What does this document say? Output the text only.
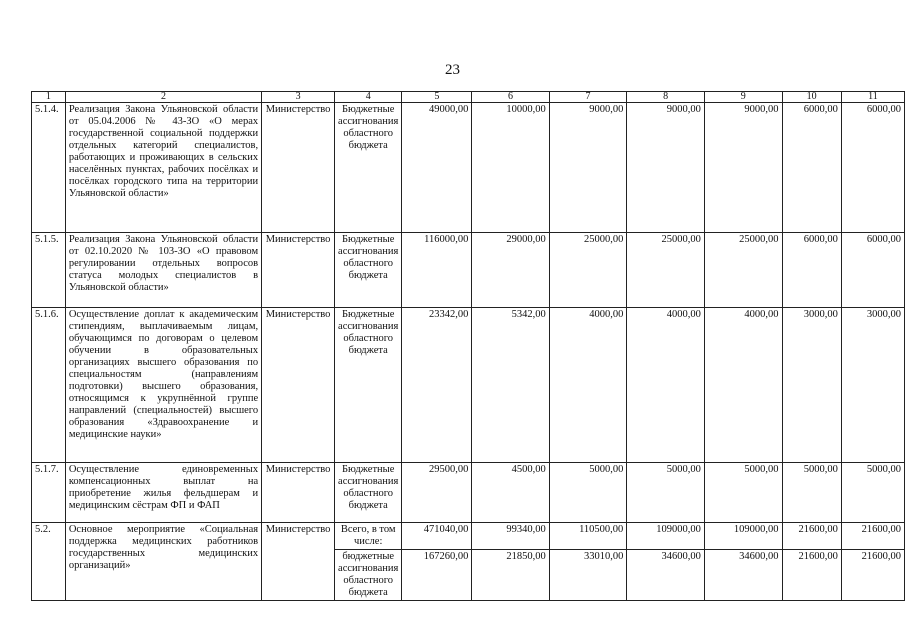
23
1	2	3	4	5	6	7	8	9	10	11
5.1.4.	Реализация Закона Ульяновской области от 05.04.2006 № 43-ЗО «О мерах государственной социальной поддержки отдельных категорий специалистов, работающих и проживающих в сельских населённых пунктах, рабочих посёлках и посёлках городского типа на территории Ульяновской области»	Министерство	Бюджетные ассигнования областного бюджета	49000,00	10000,00	9000,00	9000,00	9000,00	6000,00	6000,00
5.1.5.	Реализация Закона Ульяновской области от 02.10.2020 № 103-ЗО «О правовом регулировании отдельных вопросов статуса молодых специалистов в Ульяновской области»	Министерство	Бюджетные ассигнования областного бюджета	116000,00	29000,00	25000,00	25000,00	25000,00	6000,00	6000,00
5.1.6.	Осуществление доплат к академическим стипендиям, выплачиваемым лицам, обучающимся по договорам о целевом обучении в образовательных организациях высшего образования по специальностям (направлениям подготовки) высшего образования, относящимся к укрупнённой группе направлений (специальностей) высшего образования «Здравоохранение и медицинские науки»	Министерство	Бюджетные ассигнования областного бюджета	23342,00	5342,00	4000,00	4000,00	4000,00	3000,00	3000,00
5.1.7.	Осуществление единовременных компенсационных выплат на приобретение жилья фельдшерам и медицинским сёстрам ФП и ФАП	Министерство	Бюджетные ассигнования областного бюджета	29500,00	4500,00	5000,00	5000,00	5000,00	5000,00	5000,00
5.2.	Основное мероприятие «Социальная поддержка медицинских работников государственных медицинских организаций»	Министерство	Всего, в том числе:	471040,00	99340,00	110500,00	109000,00	109000,00	21600,00	21600,00
			бюджетные ассигнования областного бюджета	167260,00	21850,00	33010,00	34600,00	34600,00	21600,00	21600,00
